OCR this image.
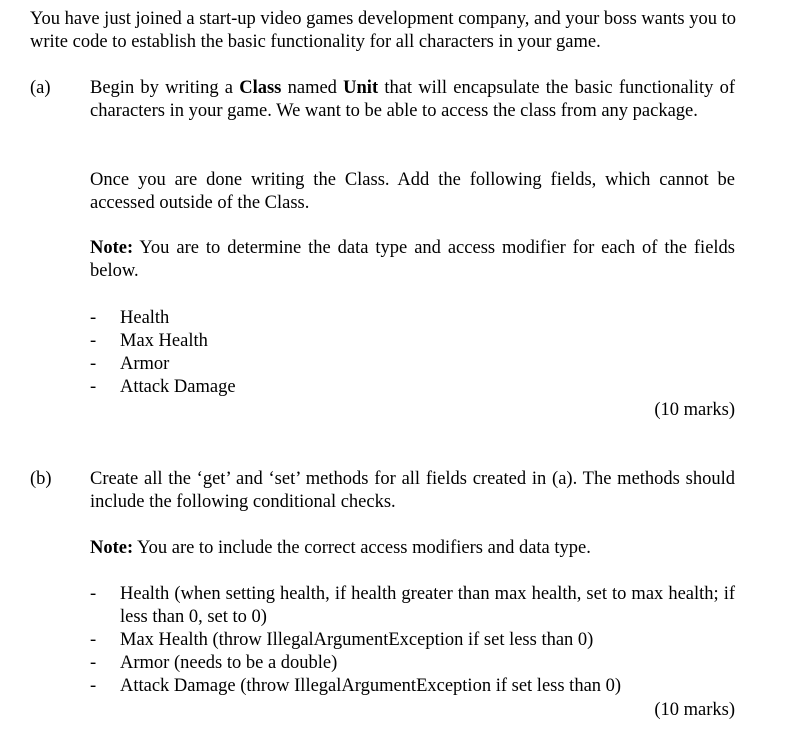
You have just joined a start-up video games development company, and your boss wants you to write code to establish the basic functionality for all characters in your game.
(a) Begin by writing a Class named Unit that will encapsulate the basic functionality of characters in your game. We want to be able to access the class from any package.
Once you are done writing the Class. Add the following fields, which cannot be accessed outside of the Class.
Note: You are to determine the data type and access modifier for each of the fields below.
- Health
- Max Health
- Armor
- Attack Damage
(10 marks)
(b) Create all the ‘get’ and ‘set’ methods for all fields created in (a). The methods should include the following conditional checks.
Note: You are to include the correct access modifiers and data type.
- Health (when setting health, if health greater than max health, set to max health; if less than 0, set to 0)
- Max Health (throw IllegalArgumentException if set less than 0)
- Armor (needs to be a double)
- Attack Damage (throw IllegalArgumentException if set less than 0)
(10 marks)
